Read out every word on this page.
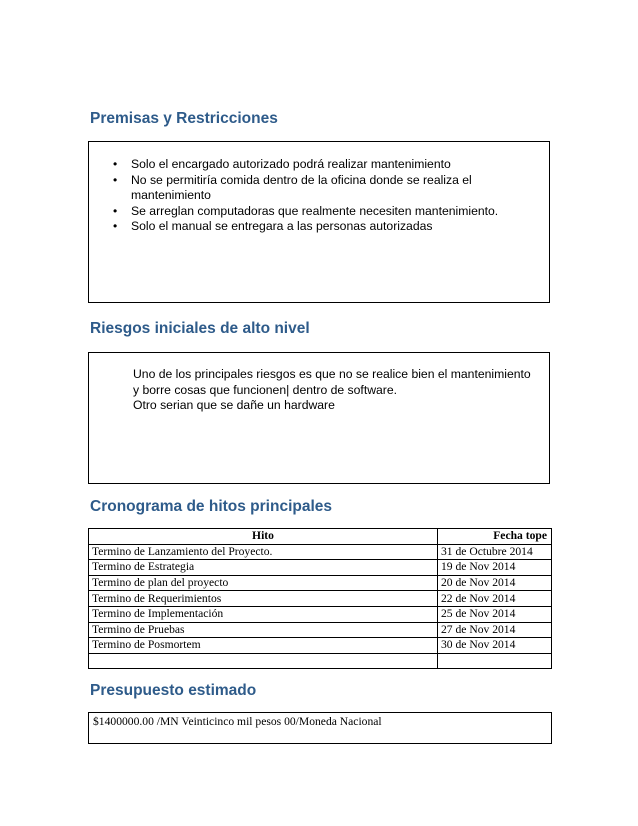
Premisas y Restricciones
• Solo el encargado autorizado podrá realizar mantenimiento
• No se permitiría comida dentro de la oficina donde se realiza el mantenimiento
• Se arreglan computadoras que realmente necesiten mantenimiento.
• Solo el manual se entregara a las personas autorizadas
Riesgos iniciales de alto nivel

Uno de los principales riesgos es que no se realice bien el mantenimiento

y borre cosas que funcionen| dentro de software.

Otro serian que se dañe un hardware

Cronograma de hitos principales
Hito	Fecha tope
Termino de Lanzamiento del Proyecto.	31 de Octubre 2014
Termino de Estrategia	19 de Nov 2014
Termino de plan del proyecto	20 de Nov 2014
Termino de Requerimientos	22 de Nov 2014
Termino de Implementación	25 de Nov 2014
Termino de Pruebas	27 de Nov 2014
Termino de Posmortem	30 de Nov 2014

Presupuesto estimado
$1400000.00 /MN Veinticinco mil pesos 00/Moneda Nacional
